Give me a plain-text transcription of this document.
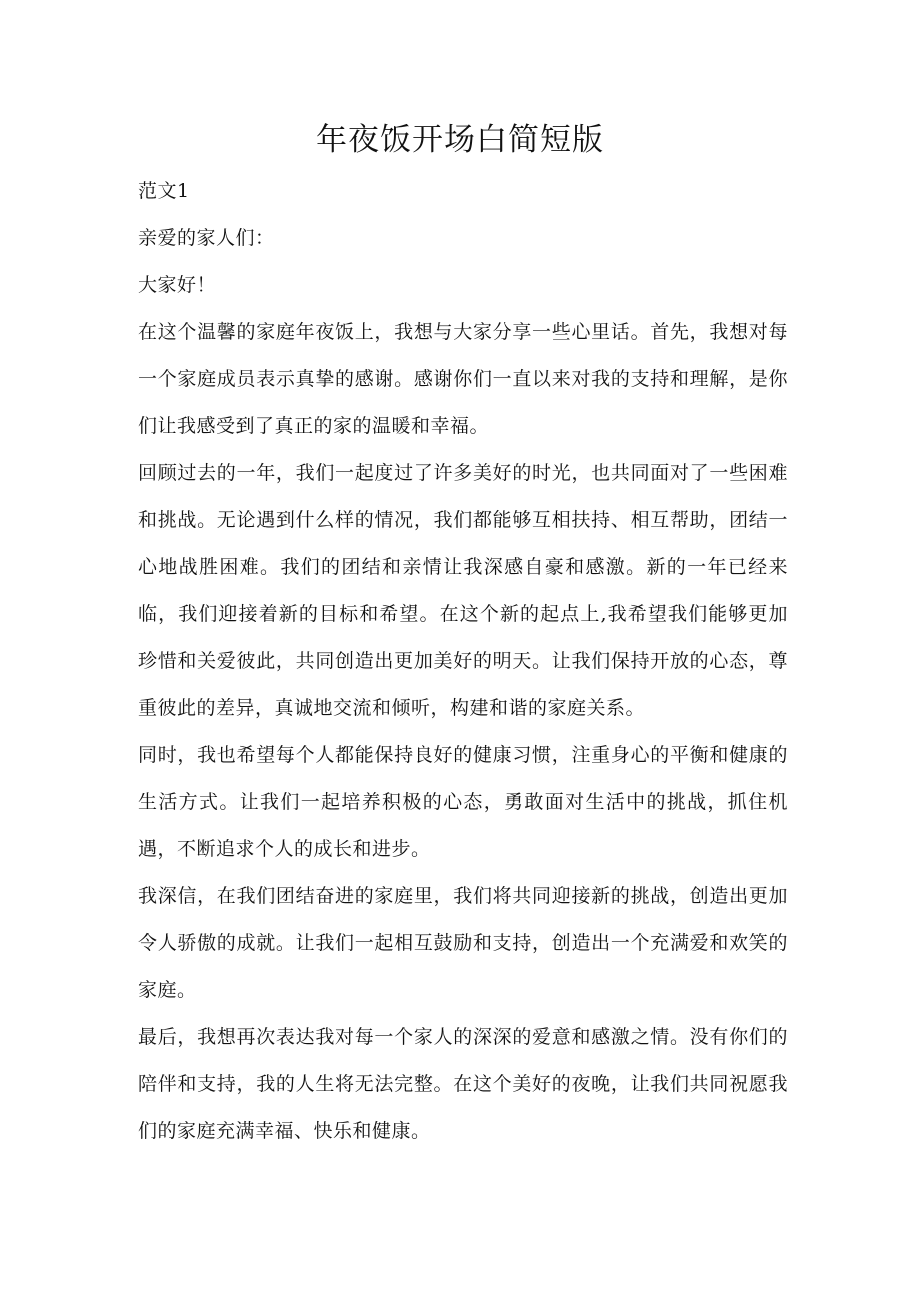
年夜饭开场白简短版

范文1

亲爱的家人们：

大家好！

在这个温馨的家庭年夜饭上，我想与大家分享一些心里话。首先，我想对每一个家庭成员表示真挚的感谢。感谢你们一直以来对我的支持和理解，是你们让我感受到了真正的家的温暖和幸福。

回顾过去的一年，我们一起度过了许多美好的时光，也共同面对了一些困难和挑战。无论遇到什么样的情况，我们都能够互相扶持、相互帮助，团结一心地战胜困难。我们的团结和亲情让我深感自豪和感激。新的一年已经来临，我们迎接着新的目标和希望。在这个新的起点上,我希望我们能够更加珍惜和关爱彼此，共同创造出更加美好的明天。让我们保持开放的心态，尊重彼此的差异，真诚地交流和倾听，构建和谐的家庭关系。

同时，我也希望每个人都能保持良好的健康习惯，注重身心的平衡和健康的生活方式。让我们一起培养积极的心态，勇敢面对生活中的挑战，抓住机遇，不断追求个人的成长和进步。

我深信，在我们团结奋进的家庭里，我们将共同迎接新的挑战，创造出更加令人骄傲的成就。让我们一起相互鼓励和支持，创造出一个充满爱和欢笑的家庭。

最后，我想再次表达我对每一个家人的深深的爱意和感激之情。没有你们的陪伴和支持，我的人生将无法完整。在这个美好的夜晚，让我们共同祝愿我们的家庭充满幸福、快乐和健康。
